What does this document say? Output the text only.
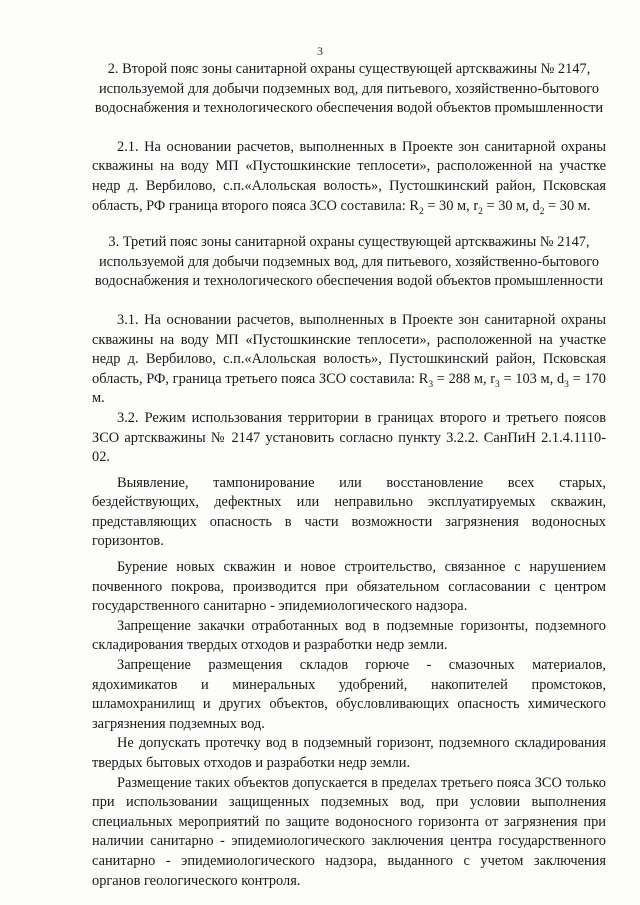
3

2. Второй пояс зоны санитарной охраны существующей артскважины № 2147, используемой для добычи подземных вод, для питьевого, хозяйственно-бытового водоснабжения и технологического обеспечения водой объектов промышленности

2.1. На основании расчетов, выполненных в Проекте зон санитарной охраны скважины на воду МП «Пустошкинские теплосети», расположенной на участке недр д. Вербилово, с.п.«Алольская волость», Пустошкинский район, Псковская область, РФ граница второго пояса ЗСО составила: $R_2 = 30$ м, $r_2 = 30$ м, $d_2 = 30$ м.

3. Третий пояс зоны санитарной охраны существующей артскважины № 2147, используемой для добычи подземных вод, для питьевого, хозяйственно-бытового водоснабжения и технологического обеспечения водой объектов промышленности

3.1. На основании расчетов, выполненных в Проекте зон санитарной охраны скважины на воду МП «Пустошкинские теплосети», расположенной на участке недр д. Вербилово, с.п.«Алольская волость», Пустошкинский район, Псковская область, РФ, граница третьего пояса ЗСО составила: $R_3 = 288$ м, $r_3 = 103$ м, $d_3 = 170$ м.

3.2. Режим использования территории в границах второго и третьего поясов ЗСО артскважины № 2147 установить согласно пункту 3.2.2. СанПиН 2.1.4.1110-02.

Выявление, тампонирование или восстановление всех старых, бездействующих, дефектных или неправильно эксплуатируемых скважин, представляющих опасность в части возможности загрязнения водоносных горизонтов.

Бурение новых скважин и новое строительство, связанное с нарушением почвенного покрова, производится при обязательном согласовании с центром государственного санитарно - эпидемиологического надзора.

Запрещение закачки отработанных вод в подземные горизонты, подземного складирования твердых отходов и разработки недр земли.

Запрещение размещения складов горюче - смазочных материалов, ядохимикатов и минеральных удобрений, накопителей промстоков, шламохранилищ и других объектов, обусловливающих опасность химического загрязнения подземных вод.

Не допускать протечку вод в подземный горизонт, подземного складирования твердых бытовых отходов и разработки недр земли.

Размещение таких объектов допускается в пределах третьего пояса ЗСО только при использовании защищенных подземных вод, при условии выполнения специальных мероприятий по защите водоносного горизонта от загрязнения при наличии санитарно - эпидемиологического заключения центра государственного санитарно - эпидемиологического надзора, выданного с учетом заключения органов геологического контроля.
